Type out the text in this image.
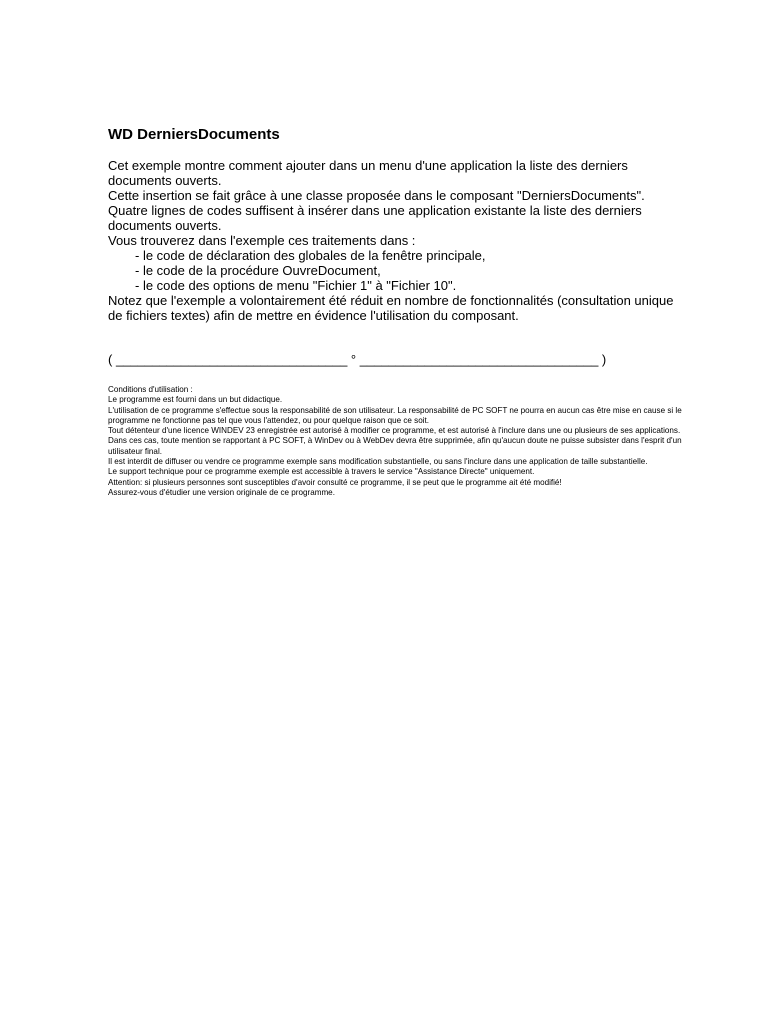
WD DerniersDocuments
Cet exemple montre comment ajouter dans un menu d'une application la liste des derniers documents ouverts.
Cette insertion se fait grâce à une classe proposée dans le composant "DerniersDocuments".
Quatre lignes de codes suffisent à insérer dans une application existante la liste des derniers documents ouverts.
Vous trouverez dans l'exemple ces traitements dans :
- le code de déclaration des globales de la fenêtre principale,
- le code de la procédure OuvreDocument,
- le code des options de menu "Fichier 1" à "Fichier 10".
Notez que l'exemple a volontairement été réduit en nombre de fonctionnalités (consultation unique de fichiers textes) afin de mettre en évidence l'utilisation du composant.
( ________________________________ ° _________________________________ )
Conditions d'utilisation :
Le programme est fourni dans un but didactique.
L'utilisation de ce programme s'effectue sous la responsabilité de son utilisateur. La responsabilité de PC SOFT ne pourra en aucun cas être mise en cause si le programme ne fonctionne pas tel que vous l'attendez, ou pour quelque raison que ce soit.
Tout détenteur d'une licence WINDEV 23 enregistrée est autorisé à modifier ce programme, et est autorisé à l'inclure dans une ou plusieurs de ses applications. Dans ces cas, toute mention se rapportant à PC SOFT, à WinDev ou à WebDev devra être supprimée, afin qu'aucun doute ne puisse subsister dans l'esprit d'un utilisateur final.
Il est interdit de diffuser ou vendre ce programme exemple sans modification substantielle, ou sans l'inclure dans une application de taille substantielle.
Le support technique pour ce programme exemple est accessible à travers le service "Assistance Directe" uniquement.
Attention: si plusieurs personnes sont susceptibles d'avoir consulté ce programme, il se peut que le programme ait été modifié!
Assurez-vous d'étudier une version originale de ce programme.
